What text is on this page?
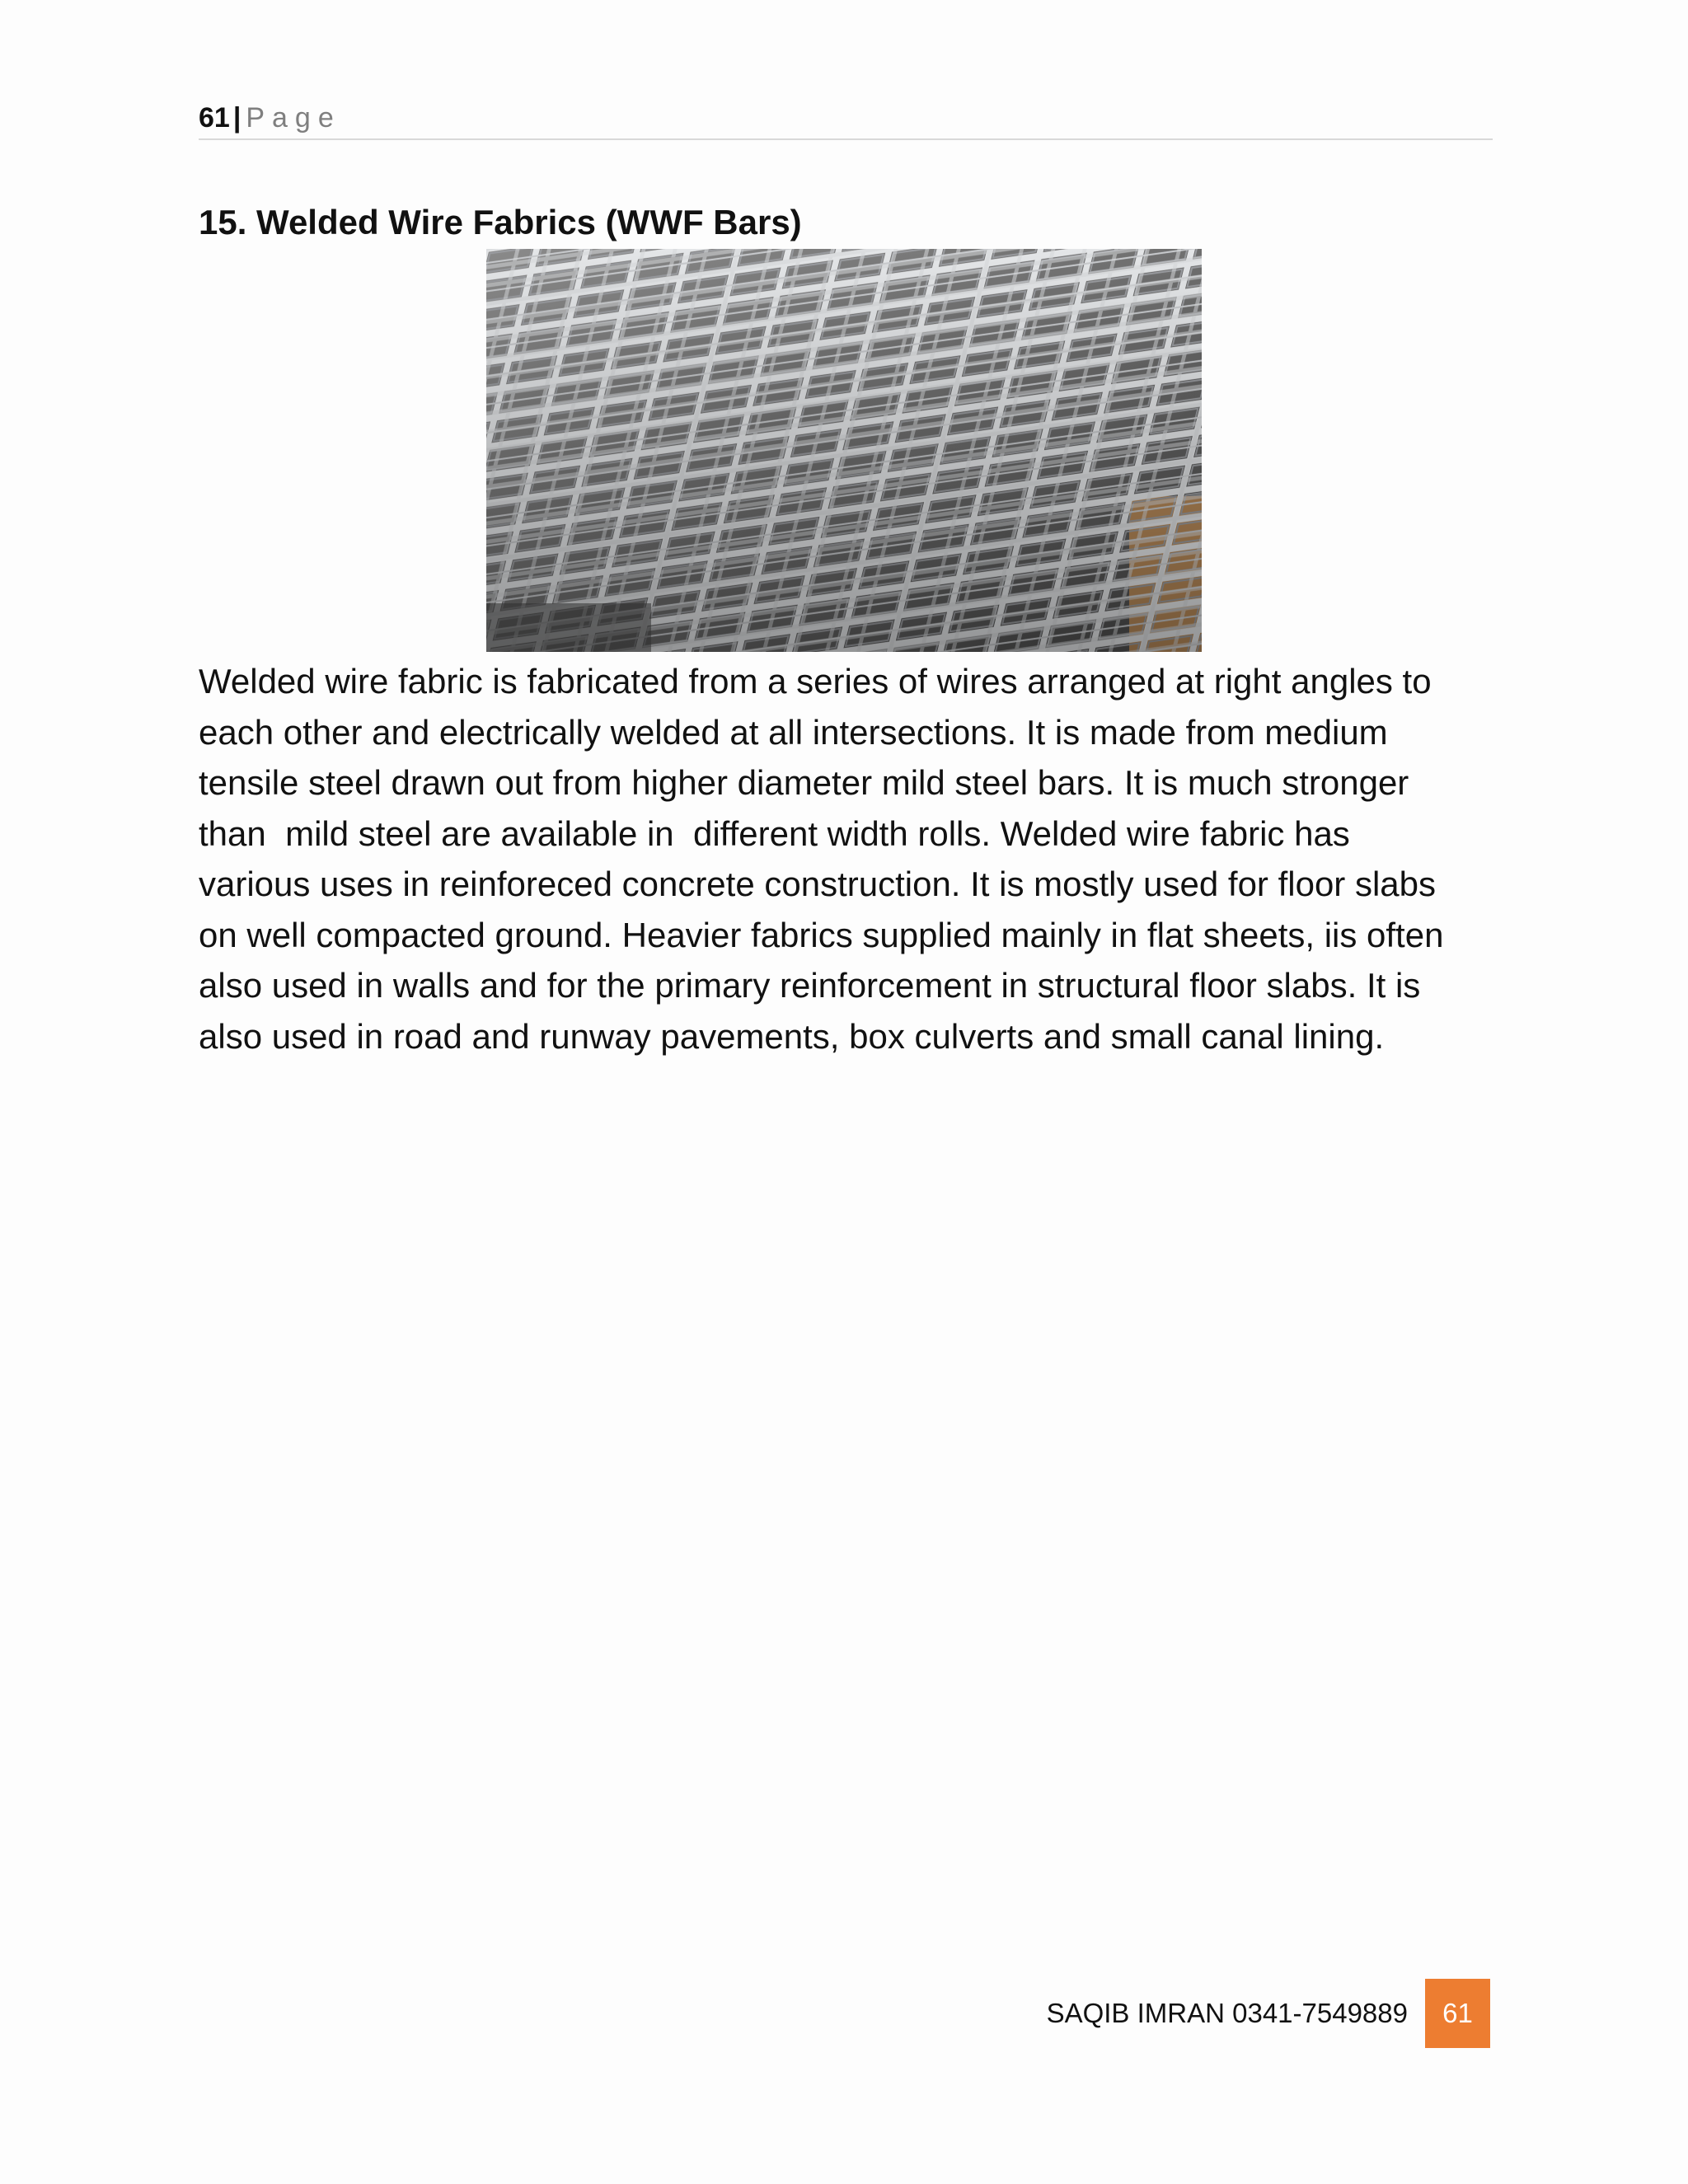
61 | Page
15. Welded Wire Fabrics (WWF Bars)

Welded wire fabric is fabricated from a series of wires arranged at right angles to
each other and electrically welded at all intersections. It is made from medium
tensile steel drawn out from higher diameter mild steel bars. It is much stronger
than  mild steel are available in  different width rolls. Welded wire fabric has
various uses in reinforeced concrete construction. It is mostly used for floor slabs
on well compacted ground. Heavier fabrics supplied mainly in flat sheets, iis often
also used in walls and for the primary reinforcement in structural floor slabs. It is
also used in road and runway pavements, box culverts and small canal lining.

SAQIB IMRAN 0341-7549889	61
